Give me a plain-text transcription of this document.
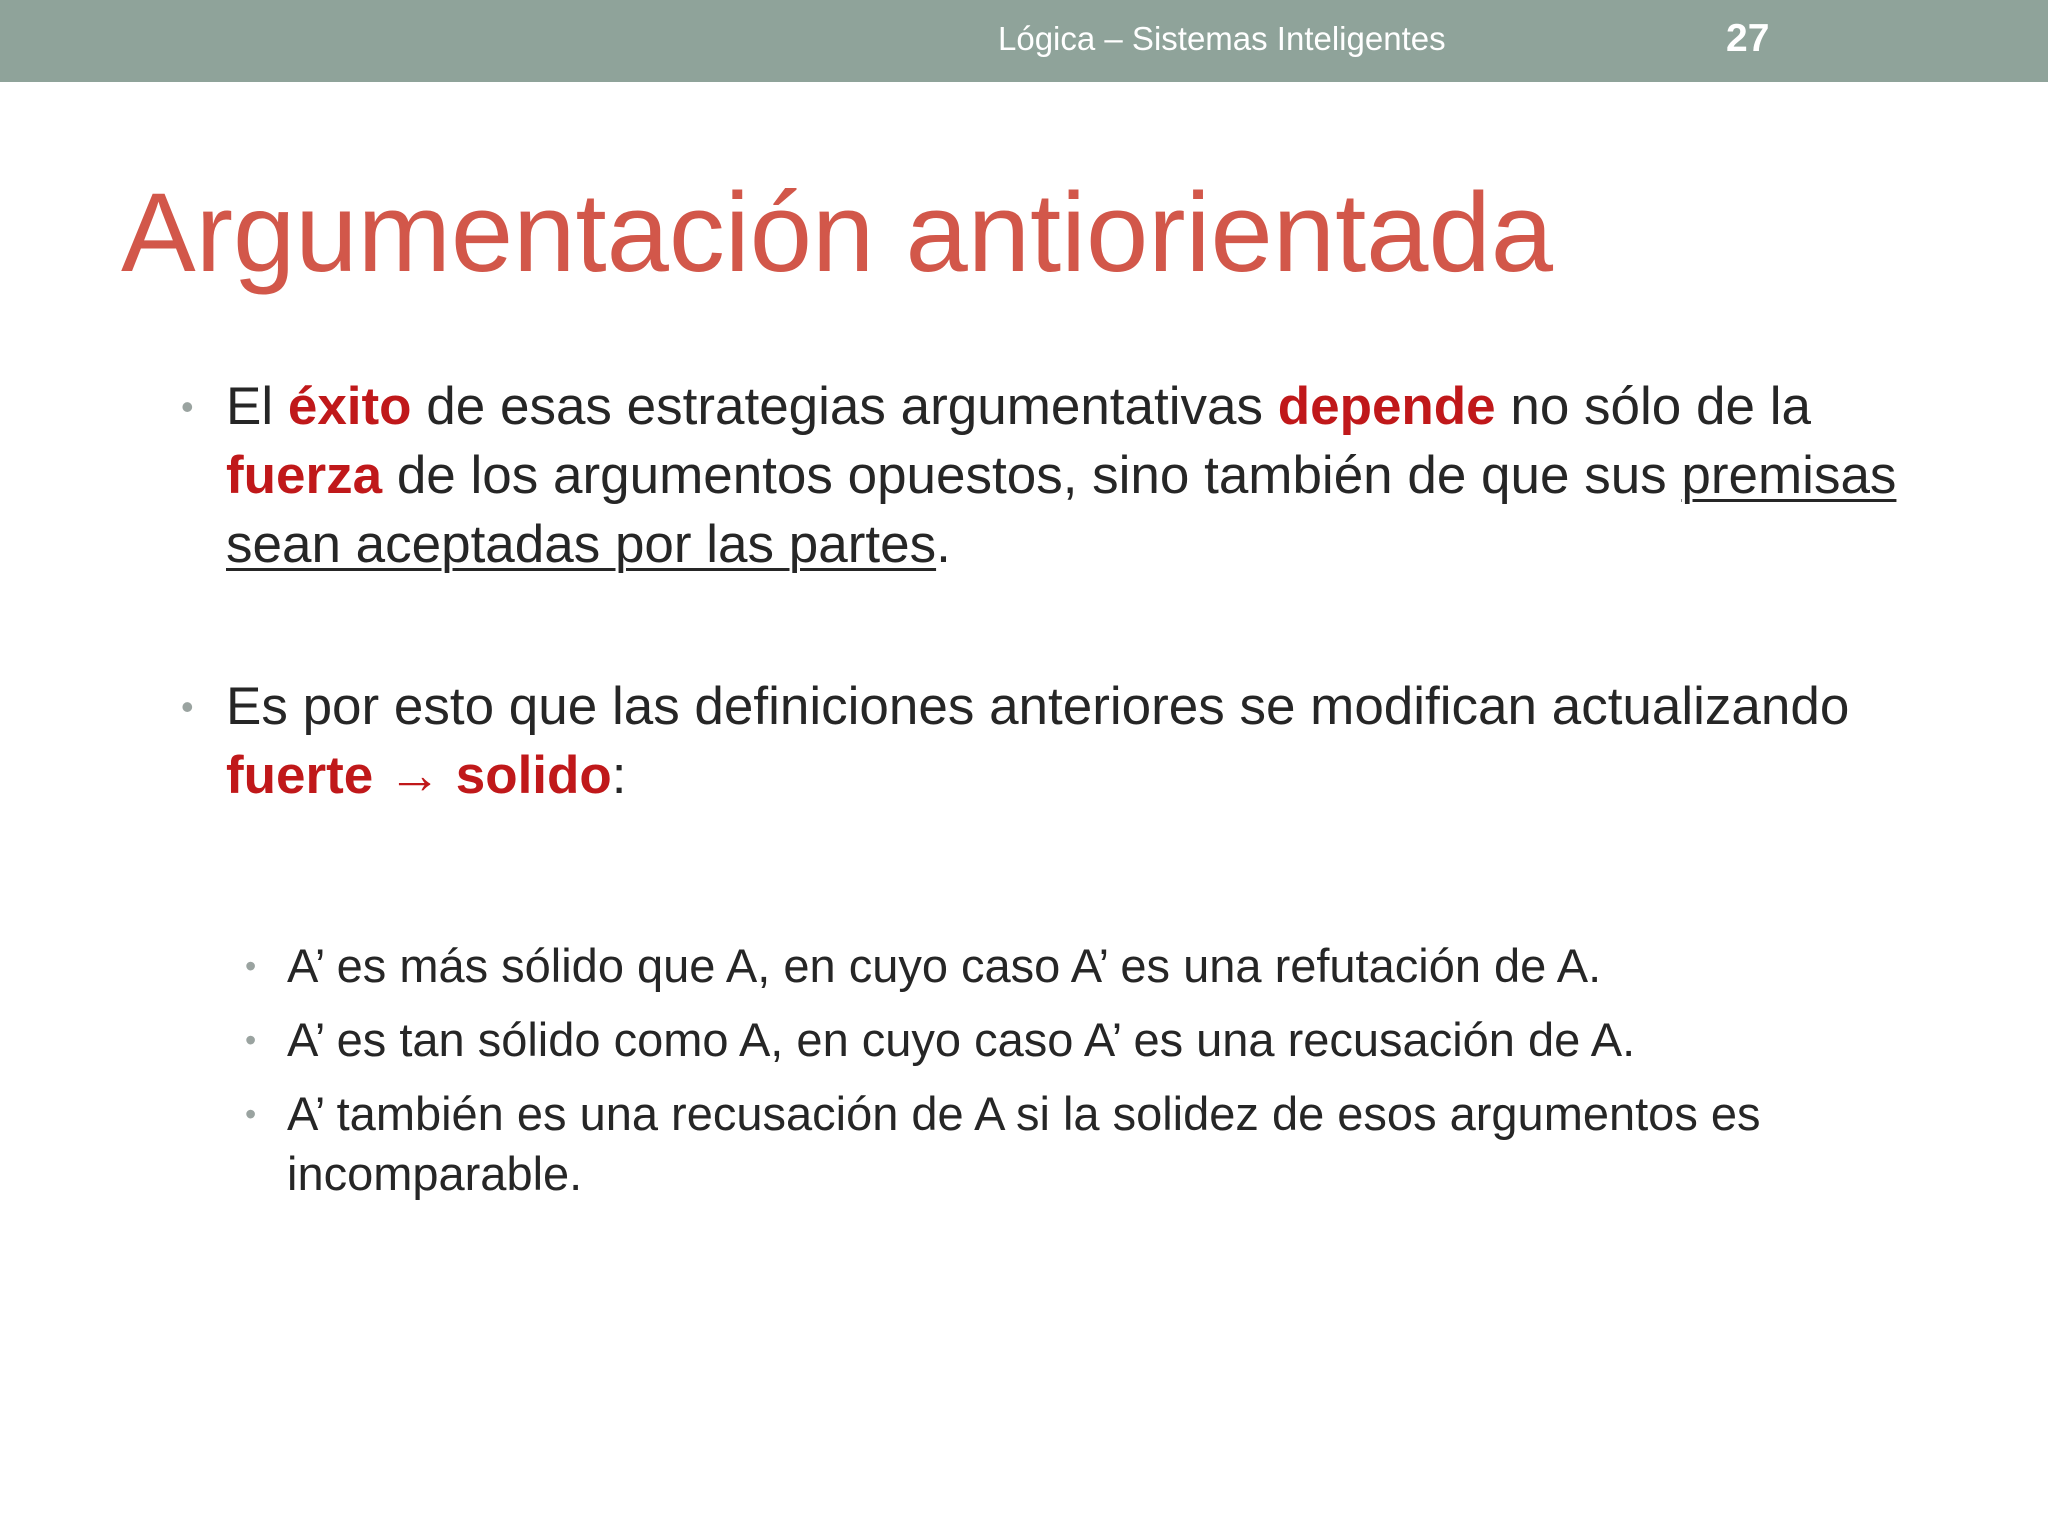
Lógica – Sistemas Inteligentes	27
Argumentación antiorientada
• El éxito de esas estrategias argumentativas depende no sólo de la fuerza de los argumentos opuestos, sino también de que sus premisas sean aceptadas por las partes.
• Es por esto que las definiciones anteriores se modifican actualizando fuerte → solido:
• A’ es más sólido que A, en cuyo caso A’ es una refutación de A.
• A’ es tan sólido como A, en cuyo caso A’ es una recusación de A.
• A’ también es una recusación de A si la solidez de esos argumentos es incomparable.
